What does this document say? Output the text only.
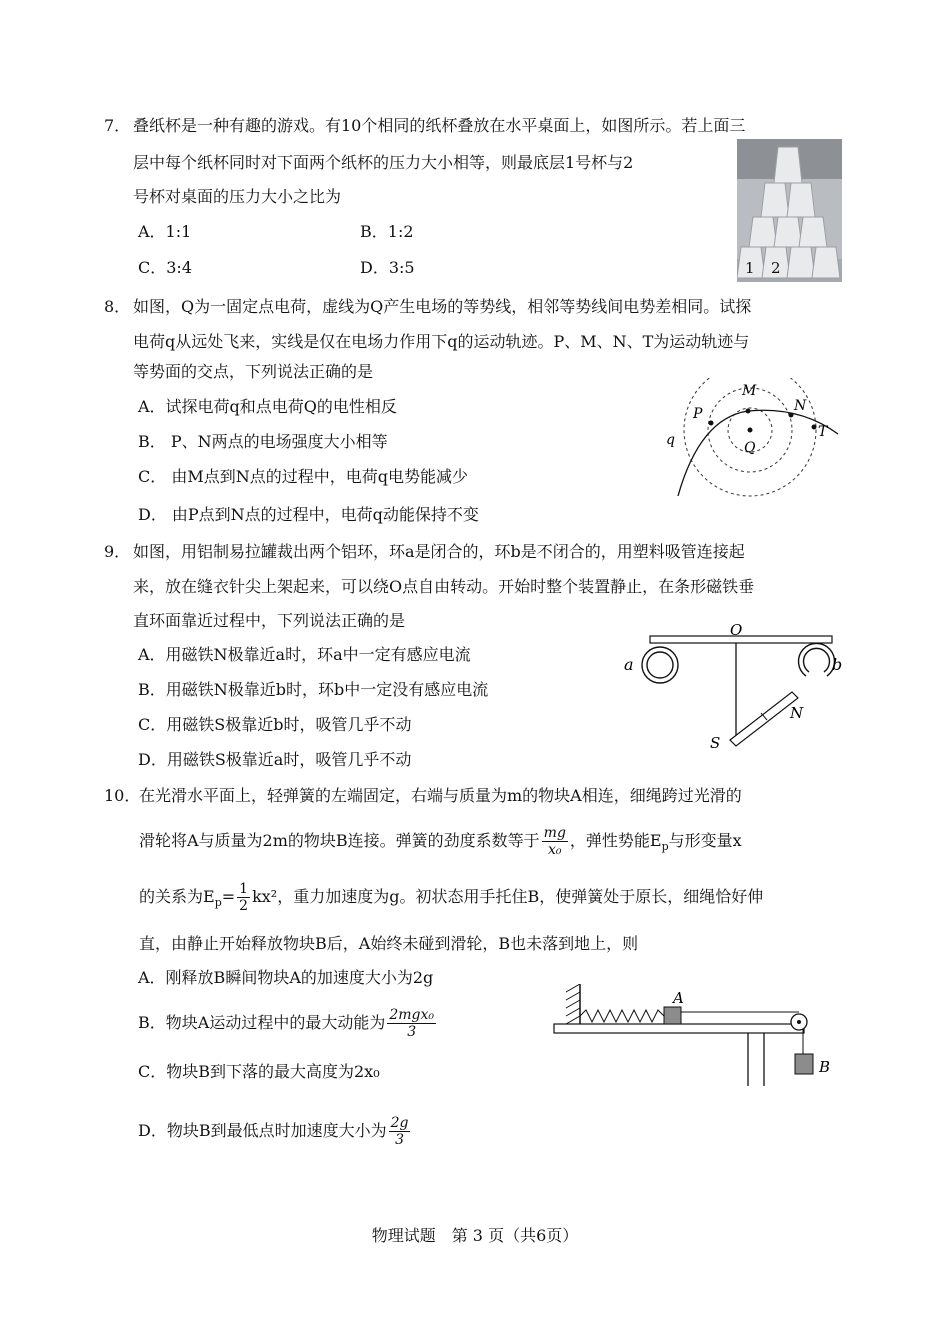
7． 叠纸杯是一种有趣的游戏。有10个相同的纸杯叠放在水平桌面上，如图所示。若上面三
层中每个纸杯同时对下面两个纸杯的压力大小相等，则最底层1号杯与2
号杯对桌面的压力大小之比为
A．1:1	B．1:2
C．3:4	D．3:5	1 2
8． 如图，Q为一固定点电荷，虚线为Q产生电场的等势线，相邻等势线间电势差相同。试探
电荷q从远处飞来，实线是仅在电场力作用下q的运动轨迹。P、M、N、T为运动轨迹与
等势面的交点，下列说法正确的是
A．试探电荷q和点电荷Q的电性相反
B． P、N两点的电场强度大小相等
C． 由M点到N点的过程中，电荷q电势能减少
D． 由P点到N点的过程中，电荷q动能保持不变
P
M
N
T
q	Q
9． 如图，用铝制易拉罐裁出两个铝环，环a是闭合的，环b是不闭合的，用塑料吸管连接起
来，放在缝衣针尖上架起来，可以绕O点自由转动。开始时整个装置静止，在条形磁铁垂
直环面靠近过程中，下列说法正确的是
A．用磁铁N极靠近a时，环a中一定有感应电流
B．用磁铁N极靠近b时，环b中一定没有感应电流
C．用磁铁S极靠近b时，吸管几乎不动
D．用磁铁S极靠近a时，吸管几乎不动
O
a	b
N
S
10．
在光滑水平面上，轻弹簧的左端固定，右端与质量为m的物块A相连，细绳跨过光滑的
滑轮将A与质量为2m的物块B连接。弹簧的劲度系数等于 $\frac{mg}{\text{x₀}}$ ，弹性势能$E_p$与形变量x
的关系为$E_p= \frac{1}{2} kx^2$，重力加速度为g。初状态用手托住B，使弹簧处于原长，细绳恰好伸
直，由静止开始释放物块B后，A始终未碰到滑轮，B也未落到地上，则
A．刚释放B瞬间物块A的加速度大小为2g
B．物块A运动过程中的最大动能为 $\frac{\text{2mgx₀}}{3}$
C．物块B到下落的最大高度为2x₀
D．物块B到最低点时加速度大小为 $\frac{2g}{3}$
A
B
物理试题　第 3 页（共6页）
